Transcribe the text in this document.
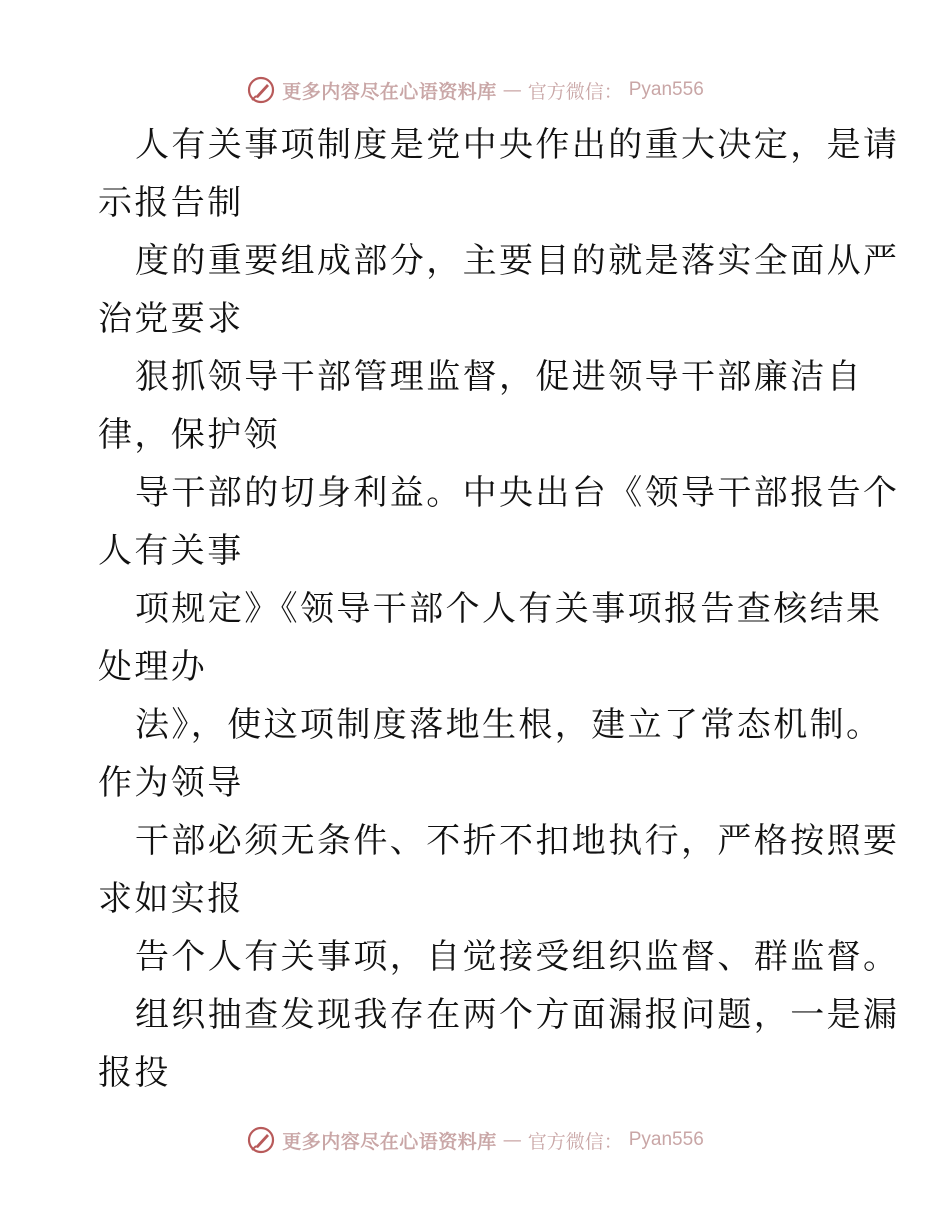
更多内容尽在心语资料库 — 官方微信： Pyan556
人有关事项制度是党中央作出的重大决定，是请
示报告制
度的重要组成部分，主要目的就是落实全面从严
治党要求
狠抓领导干部管理监督，促进领导干部廉洁自
律，保护领
导干部的切身利益。中央出台《领导干部报告个
人有关事
项规定》《领导干部个人有关事项报告查核结果
处理办
法》，使这项制度落地生根，建立了常态机制。
作为领导
干部必须无条件、不折不扣地执行，严格按照要
求如实报
告个人有关事项，自觉接受组织监督、群监督。
组织抽查发现我存在两个方面漏报问题，一是漏
报投
更多内容尽在心语资料库 — 官方微信： Pyan556
